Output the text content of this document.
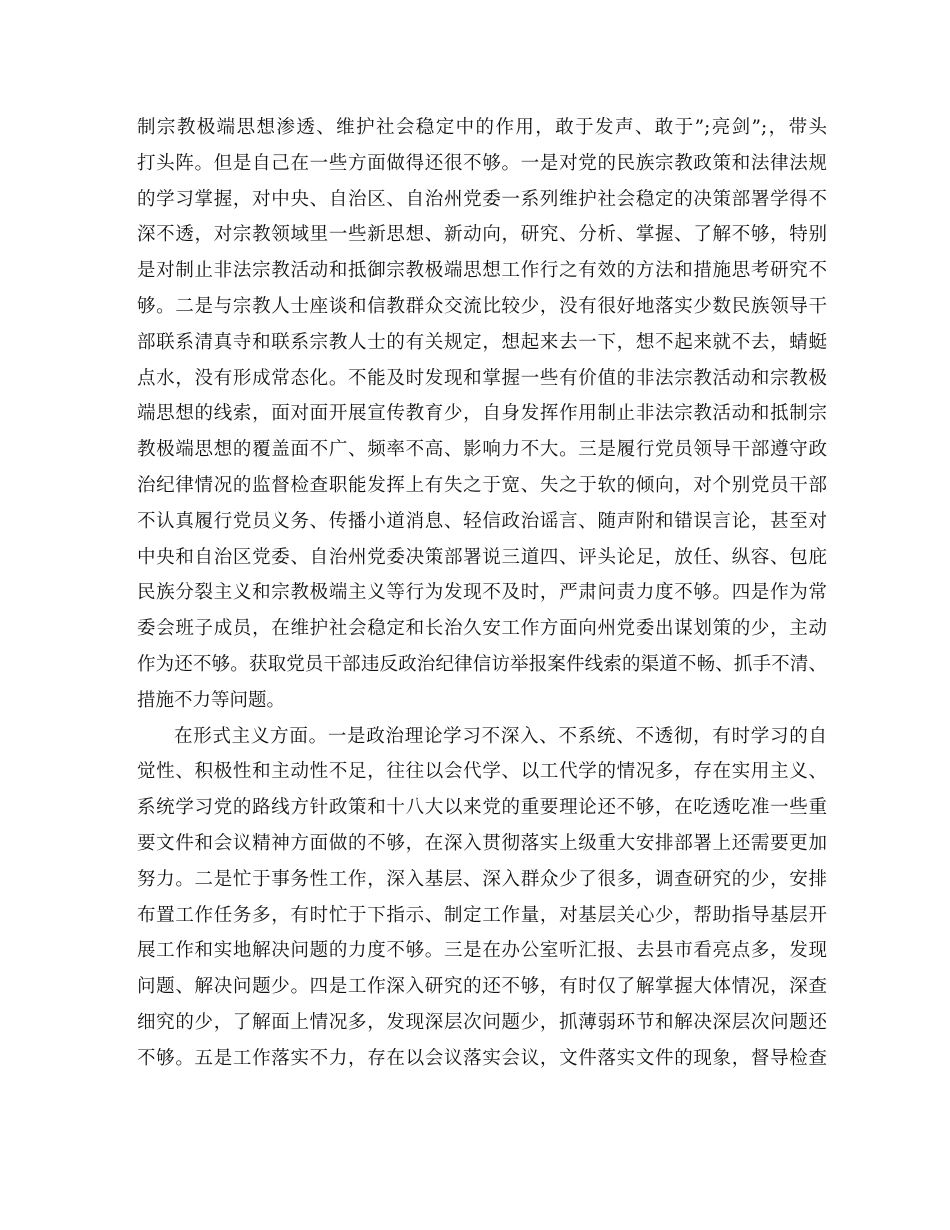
制宗教极端思想渗透、维护社会稳定中的作用，敢于发声、敢于”;亮剑”;，带头
打头阵。但是自己在一些方面做得还很不够。一是对党的民族宗教政策和法律法规
的学习掌握，对中央、自治区、自治州党委一系列维护社会稳定的决策部署学得不
深不透，对宗教领域里一些新思想、新动向，研究、分析、掌握、了解不够，特别
是对制止非法宗教活动和抵御宗教极端思想工作行之有效的方法和措施思考研究不
够。二是与宗教人士座谈和信教群众交流比较少，没有很好地落实少数民族领导干
部联系清真寺和联系宗教人士的有关规定，想起来去一下，想不起来就不去，蜻蜓
点水，没有形成常态化。不能及时发现和掌握一些有价值的非法宗教活动和宗教极
端思想的线索，面对面开展宣传教育少，自身发挥作用制止非法宗教活动和抵制宗
教极端思想的覆盖面不广、频率不高、影响力不大。三是履行党员领导干部遵守政
治纪律情况的监督检查职能发挥上有失之于宽、失之于软的倾向，对个别党员干部
不认真履行党员义务、传播小道消息、轻信政治谣言、随声附和错误言论，甚至对
中央和自治区党委、自治州党委决策部署说三道四、评头论足，放任、纵容、包庇
民族分裂主义和宗教极端主义等行为发现不及时，严肃问责力度不够。四是作为常
委会班子成员，在维护社会稳定和长治久安工作方面向州党委出谋划策的少，主动
作为还不够。获取党员干部违反政治纪律信访举报案件线索的渠道不畅、抓手不清、
措施不力等问题。
在形式主义方面。一是政治理论学习不深入、不系统、不透彻，有时学习的自
觉性、积极性和主动性不足，往往以会代学、以工代学的情况多，存在实用主义、
系统学习党的路线方针政策和十八大以来党的重要理论还不够，在吃透吃准一些重
要文件和会议精神方面做的不够，在深入贯彻落实上级重大安排部署上还需要更加
努力。二是忙于事务性工作，深入基层、深入群众少了很多，调查研究的少，安排
布置工作任务多，有时忙于下指示、制定工作量，对基层关心少，帮助指导基层开
展工作和实地解决问题的力度不够。三是在办公室听汇报、去县市看亮点多，发现
问题、解决问题少。四是工作深入研究的还不够，有时仅了解掌握大体情况，深查
细究的少，了解面上情况多，发现深层次问题少，抓薄弱环节和解决深层次问题还
不够。五是工作落实不力，存在以会议落实会议，文件落实文件的现象，督导检查
